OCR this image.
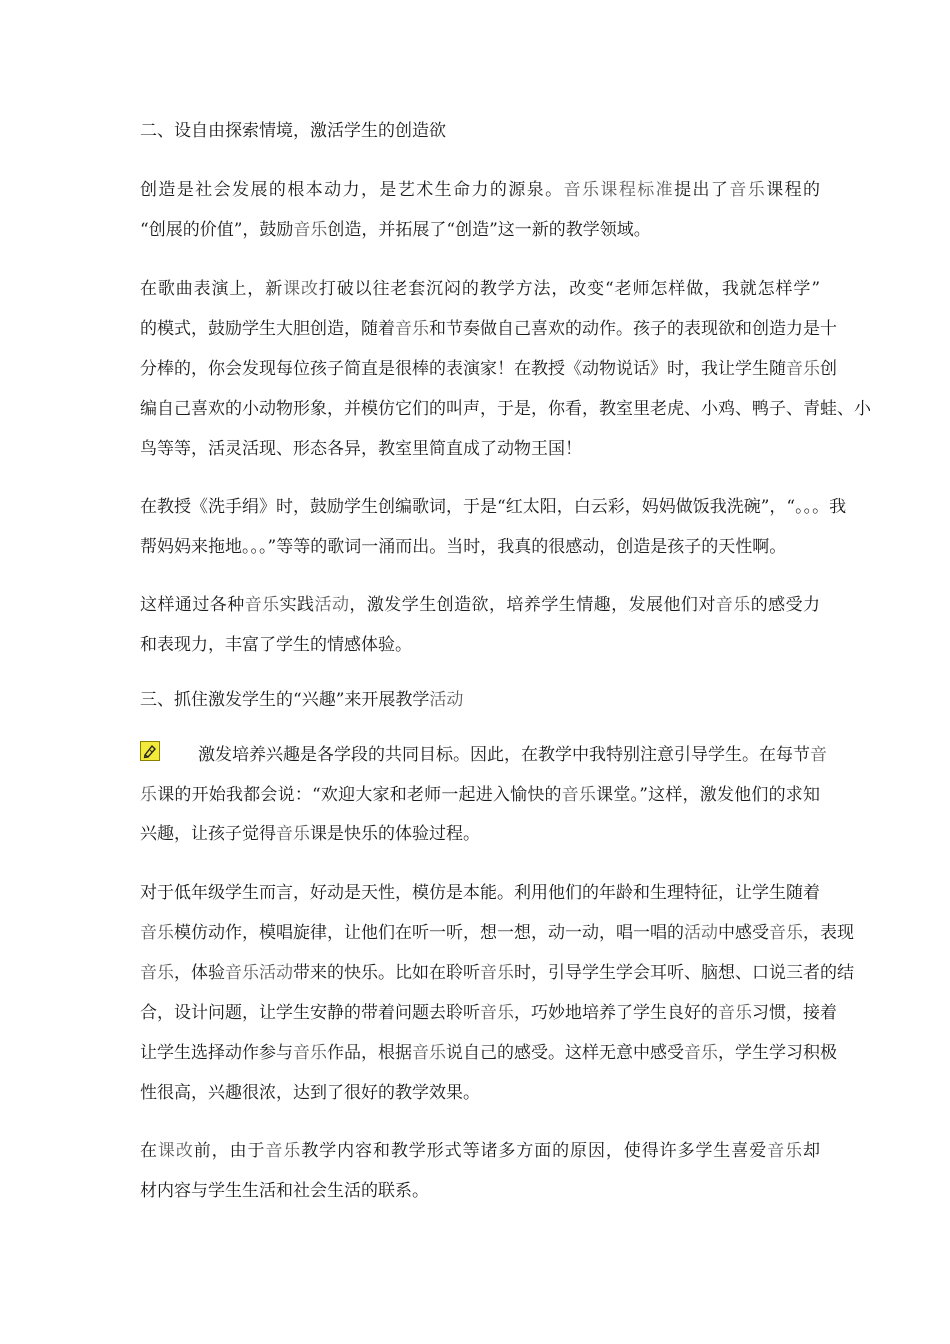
二、设自由探索情境，激活学生的创造欲
创造是社会发展的根本动力，是艺术生命力的源泉。音乐课程标准提出了音乐课程的
“创展的价值”，鼓励音乐创造，并拓展了“创造”这一新的教学领域。
在歌曲表演上，新课改打破以往老套沉闷的教学方法，改变“老师怎样做，我就怎样学”
的模式，鼓励学生大胆创造，随着音乐和节奏做自己喜欢的动作。孩子的表现欲和创造力是十
分棒的，你会发现每位孩子简直是很棒的表演家！在教授《动物说话》时，我让学生随音乐创
编自己喜欢的小动物形象，并模仿它们的叫声，于是，你看，教室里老虎、小鸡、鸭子、青蛙、小
鸟等等，活灵活现、形态各异，教室里简直成了动物王国！
在教授《洗手绢》时，鼓励学生创编歌词，于是“红太阳，白云彩，妈妈做饭我洗碗”，“。。。我
帮妈妈来拖地。。。”等等的歌词一涌而出。当时，我真的很感动，创造是孩子的天性啊。
这样通过各种音乐实践活动，激发学生创造欲，培养学生情趣，发展他们对音乐的感受力
和表现力，丰富了学生的情感体验。
三、抓住激发学生的“兴趣”来开展教学活动
激发培养兴趣是各学段的共同目标。因此，在教学中我特别注意引导学生。在每节音
乐课的开始我都会说：“欢迎大家和老师一起进入愉快的音乐课堂。”这样，激发他们的求知
兴趣，让孩子觉得音乐课是快乐的体验过程。
对于低年级学生而言，好动是天性，模仿是本能。利用他们的年龄和生理特征，让学生随着
音乐模仿动作，模唱旋律，让他们在听一听，想一想，动一动，唱一唱的活动中感受音乐，表现
音乐，体验音乐活动带来的快乐。比如在聆听音乐时，引导学生学会耳听、脑想、口说三者的结
合，设计问题，让学生安静的带着问题去聆听音乐，巧妙地培养了学生良好的音乐习惯，接着
让学生选择动作参与音乐作品，根据音乐说自己的感受。这样无意中感受音乐，学生学习积极
性很高，兴趣很浓，达到了很好的教学效果。
在课改前，由于音乐教学内容和教学形式等诸多方面的原因，使得许多学生喜爱音乐却
材内容与学生生活和社会生活的联系。
